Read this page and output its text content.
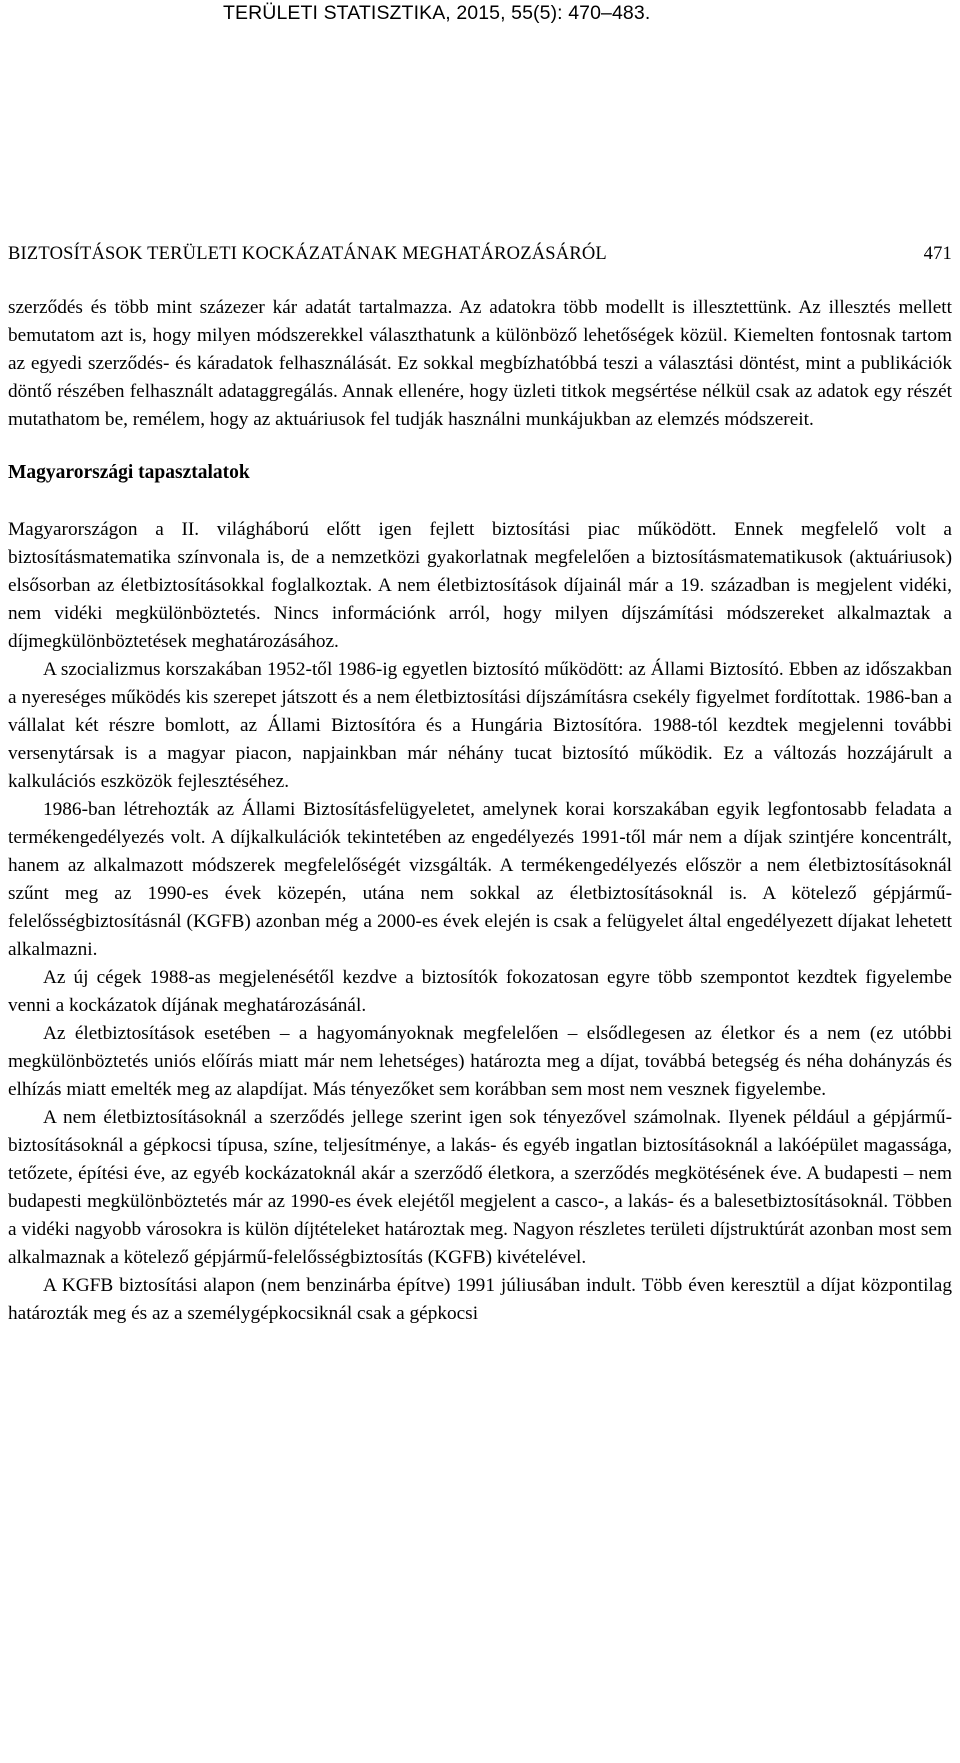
TERÜLETI STATISZTIKA, 2015, 55(5): 470–483.
BIZTOSÍTÁSOK TERÜLETI KOCKÁZATÁNAK MEGHATÁROZÁSÁRÓL	471

szerződés és több mint százezer kár adatát tartalmazza. Az adatokra több modellt is illesztettünk. Az illesztés mellett bemutatom azt is, hogy milyen módszerekkel választhatunk a különböző lehetőségek közül. Kiemelten fontosnak tartom az egyedi szerződés- és káradatok felhasználását. Ez sokkal megbízhatóbbá teszi a választási döntést, mint a publikációk döntő részében felhasznált adataggregálás. Annak ellenére, hogy üzleti titkok megsértése nélkül csak az adatok egy részét mutathatom be, remélem, hogy az aktuáriusok fel tudják használni munkájukban az elemzés módszereit.

Magyarországi tapasztalatok

Magyarországon a II. világháború előtt igen fejlett biztosítási piac működött. Ennek megfelelő volt a biztosításmatematika színvonala is, de a nemzetközi gyakorlatnak megfelelően a biztosításmatematikusok (aktuáriusok) elsősorban az életbiztosításokkal foglalkoztak. A nem életbiztosítások díjainál már a 19. században is megjelent vidéki, nem vidéki megkülönböztetés. Nincs információnk arról, hogy milyen díjszámítási módszereket alkalmaztak a díjmegkülönböztetések meghatározásához.

A szocializmus korszakában 1952-től 1986-ig egyetlen biztosító működött: az Állami Biztosító. Ebben az időszakban a nyereséges működés kis szerepet játszott és a nem életbiztosítási díjszámításra csekély figyelmet fordítottak. 1986-ban a vállalat két részre bomlott, az Állami Biztosítóra és a Hungária Biztosítóra. 1988-tól kezdtek megjelenni további versenytársak is a magyar piacon, napjainkban már néhány tucat biztosító működik. Ez a változás hozzájárult a kalkulációs eszközök fejlesztéséhez.

1986-ban létrehozták az Állami Biztosításfelügyeletet, amelynek korai korszakában egyik legfontosabb feladata a termékengedélyezés volt. A díjkalkulációk tekintetében az engedélyezés 1991-től már nem a díjak szintjére koncentrált, hanem az alkalmazott módszerek megfelelőségét vizsgálták. A termékengedélyezés először a nem életbiztosításoknál szűnt meg az 1990-es évek közepén, utána nem sokkal az életbiztosításoknál is. A kötelező gépjármű-felelősségbiztosításnál (KGFB) azonban még a 2000-es évek elején is csak a felügyelet által engedélyezett díjakat lehetett alkalmazni.

Az új cégek 1988-as megjelenésétől kezdve a biztosítók fokozatosan egyre több szempontot kezdtek figyelembe venni a kockázatok díjának meghatározásánál.

Az életbiztosítások esetében – a hagyományoknak megfelelően – elsődlegesen az életkor és a nem (ez utóbbi megkülönböztetés uniós előírás miatt már nem lehetséges) határozta meg a díjat, továbbá betegség és néha dohányzás és elhízás miatt emelték meg az alapdíjat. Más tényezőket sem korábban sem most nem vesznek figyelembe.

A nem életbiztosításoknál a szerződés jellege szerint igen sok tényezővel számolnak. Ilyenek például a gépjármű-biztosításoknál a gépkocsi típusa, színe, teljesítménye, a lakás- és egyéb ingatlan biztosításoknál a lakóépület magassága, tetőzete, építési éve, az egyéb kockázatoknál akár a szerződő életkora, a szerződés megkötésének éve. A budapesti – nem budapesti megkülönböztetés már az 1990-es évek elejétől megjelent a casco-, a lakás- és a balesetbiztosításoknál. Többen a vidéki nagyobb városokra is külön díjtételeket határoztak meg. Nagyon részletes területi díjstruktúrát azonban most sem alkalmaznak a kötelező gépjármű-felelősségbiztosítás (KGFB) kivételével.

A KGFB biztosítási alapon (nem benzinárba építve) 1991 júliusában indult. Több éven keresztül a díjat központilag határozták meg és az a személygépkocsiknál csak a gépkocsi
